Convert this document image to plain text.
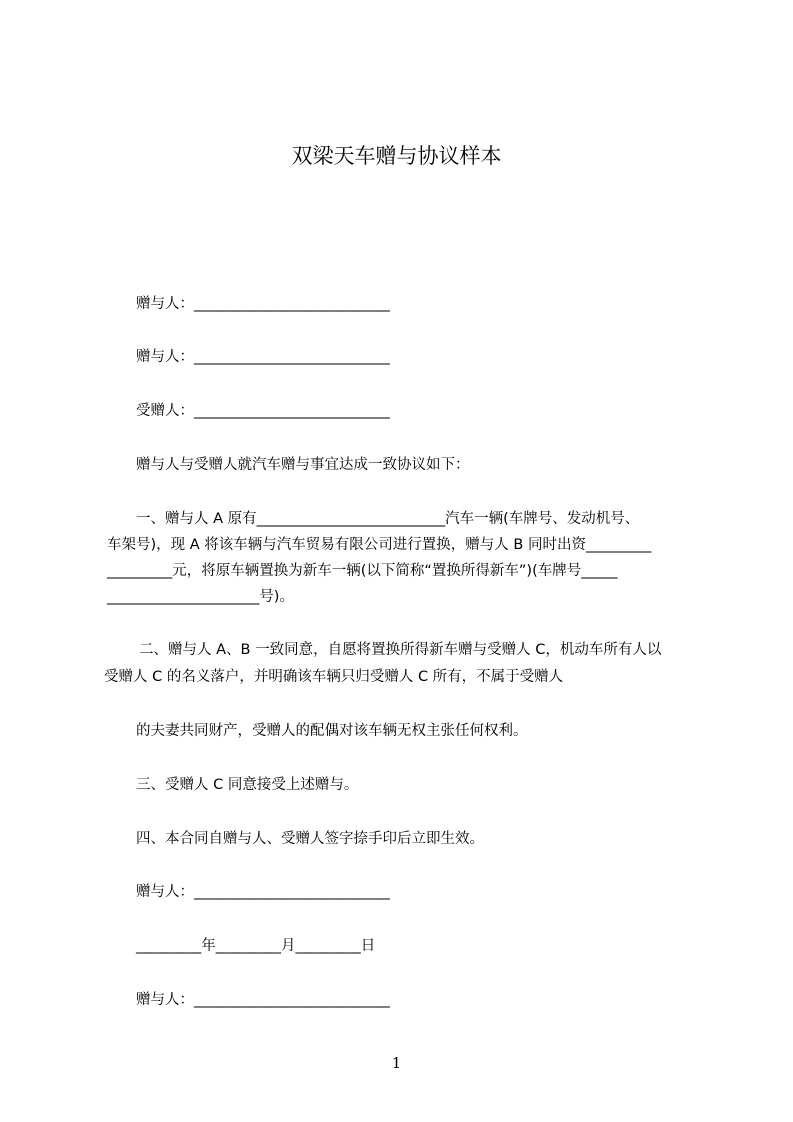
双梁天车赠与协议样本
赠与人：___________________________
赠与人：___________________________
受赠人：___________________________
赠与人与受赠人就汽车赠与事宜达成一致协议如下：
一、赠与人 A 原有__________________________汽车一辆(车牌号、发动机号、
车架号)，现 A 将该车辆与汽车贸易有限公司进行置换，赠与人 B 同时出资_________
_________元，将原车辆置换为新车一辆(以下简称“置换所得新车”)(车牌号_____
_____________________号)。
二、赠与人 A、B 一致同意，自愿将置换所得新车赠与受赠人 C，机动车所有人以
受赠人 C 的名义落户，并明确该车辆只归受赠人 C 所有，不属于受赠人
的夫妻共同财产，受赠人的配偶对该车辆无权主张任何权利。
三、受赠人 C 同意接受上述赠与。
四、本合同自赠与人、受赠人签字捺手印后立即生效。
赠与人：___________________________
_________年_________月_________日
赠与人：___________________________
1
